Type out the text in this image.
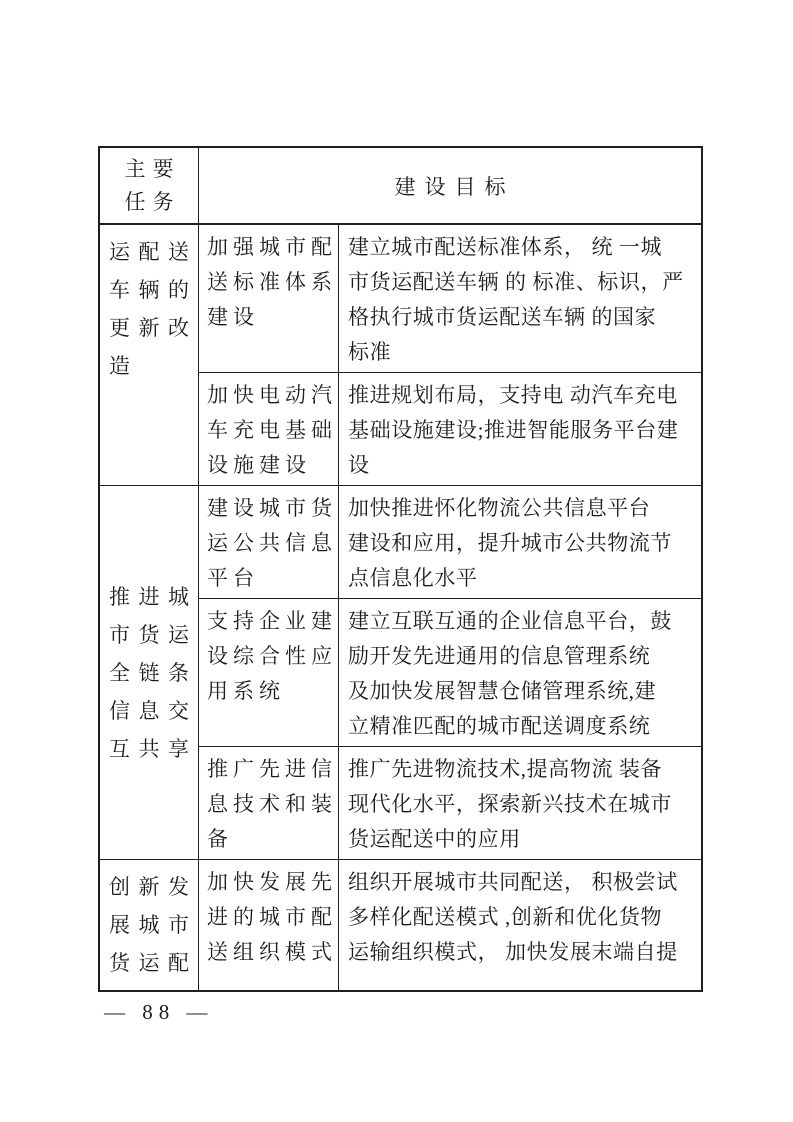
主要
任务
建设目标
运配送
车辆的
更新改
造
加强城市配
送标准体系
建设
建立城市配送标准体系， 统 一城
市货运配送车辆 的 标准、标识，严
格执行城市货运配送车辆 的国家
标准
加快电动汽
车充电基础
设施建设
推进规划布局，支持电 动汽车充电
基础设施建设;推进智能服务平台建
设
推进城
市货运
全链条
信息交
互共享
建设城市货
运公共信息
平台
加快推进怀化物流公共信息平台
建设和应用，提升城市公共物流节
点信息化水平
支持企业建
设综合性应
用系统
建立互联互通的企业信息平台，鼓
励开发先进通用的信息管理系统
及加快发展智慧仓储管理系统,建
立精准匹配的城市配送调度系统
推广先进信
息技术和装
备
推广先进物流技术,提高物流 装备
现代化水平，探索新兴技术在城市
货运配送中的应用
创新发
展城市
货运配
加快发展先
进的城市配
送组织模式
组织开展城市共同配送， 积极尝试
多样化配送模式 ,创新和优化货物
运输组织模式， 加快发展末端自提
— 88 —
